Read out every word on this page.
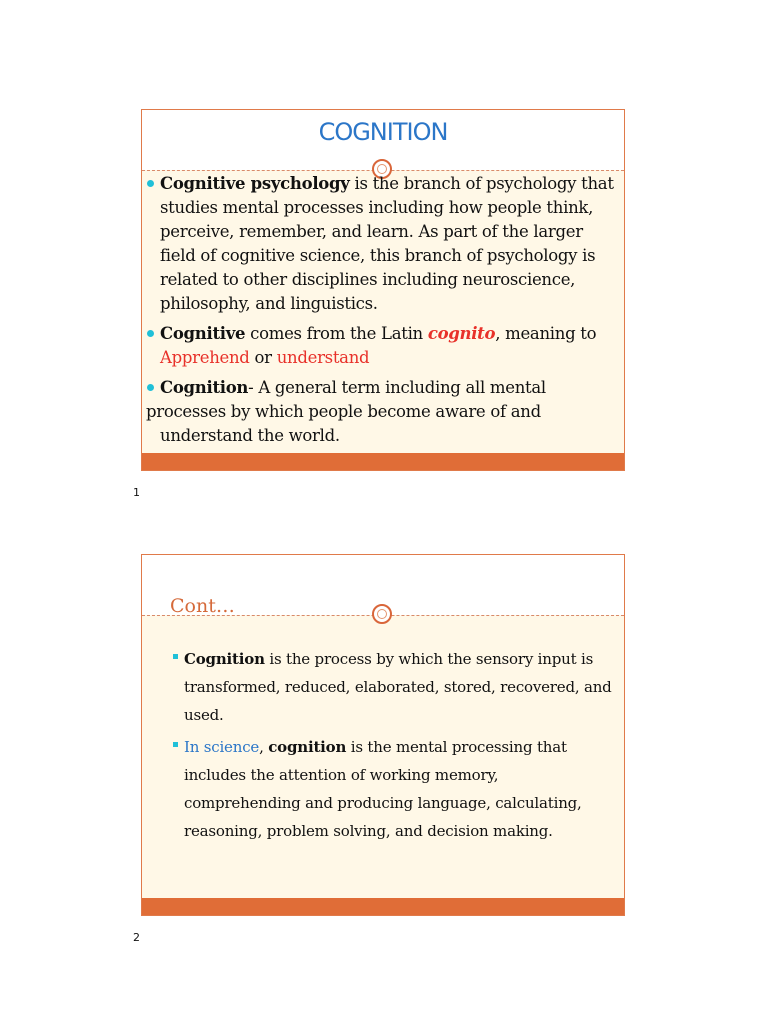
COGNITION
Cognitive psychology is the branch of psychology that studies mental processes including how people think, perceive, remember, and learn. As part of the larger field of cognitive science, this branch of psychology is related to other disciplines including neuroscience, philosophy, and linguistics.
Cognitive comes from the Latin cognito, meaning to Apprehend or understand
Cognition- A general term including all mental
processes by which people become aware of and
understand the world.
1
Cont…
Cognition is the process by which the sensory input is transformed, reduced, elaborated, stored, recovered, and used.
In science, cognition is the mental processing that includes the attention of working memory, comprehending and producing language, calculating, reasoning, problem solving, and decision making.
2
